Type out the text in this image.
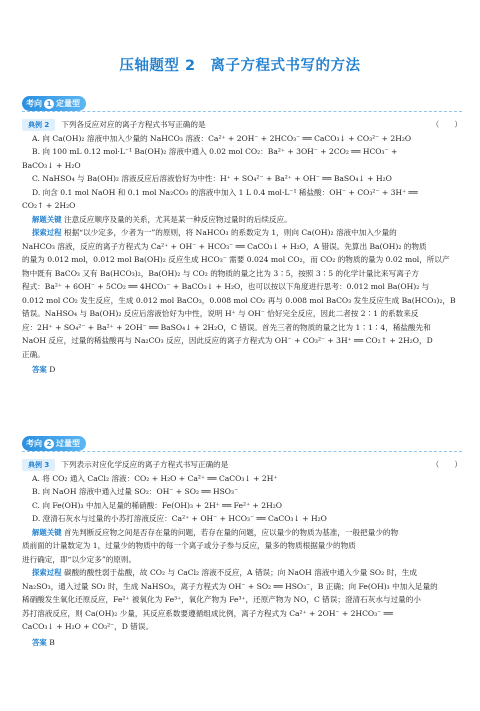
压轴题型 2　离子方程式书写的方法
考向 1 定量型
典例 2	下列各反应对应的离子方程式书写正确的是	（　　）
A. 向 Ca(OH)₂ 溶液中加入少量的 NaHCO₃ 溶液：Ca²⁺ + 2OH⁻ + 2HCO₃⁻ ══ CaCO₃↓ + CO₃²⁻ + 2H₂O
B. 向 100 mL 0.12 mol·L⁻¹ Ba(OH)₂ 溶液中通入 0.02 mol CO₂：Ba²⁺ + 3OH⁻ + 2CO₂ ══ HCO₃⁻ +
BaCO₃↓ + H₂O
C. NaHSO₄ 与 Ba(OH)₂ 溶液反应后溶液恰好为中性：H⁺ + SO₄²⁻ + Ba²⁺ + OH⁻ ══ BaSO₄↓ + H₂O
D. 向含 0.1 mol NaOH 和 0.1 mol Na₂CO₃ 的溶液中加入 1 L 0.4 mol·L⁻¹ 稀盐酸：OH⁻ + CO₃²⁻ + 3H⁺ ══
CO₂↑ + 2H₂O
解题关键 注意反应顺序及量的关系，尤其是某一种反应物过量时的后续反应。
探索过程 根据“以少定多，少者为一”的原则，将 NaHCO₃ 的系数定为 1，则向 Ca(OH)₂ 溶液中加入少量的
NaHCO₃ 溶液，反应的离子方程式为 Ca²⁺ + OH⁻ + HCO₃⁻ ══ CaCO₃↓ + H₂O，A 错误。先算出 Ba(OH)₂ 的物质
的量为 0.012 mol，0.012 mol Ba(OH)₂ 反应生成 HCO₃⁻ 需要 0.024 mol CO₂，而 CO₂ 的物质的量为 0.02 mol，所以产
物中既有 BaCO₃ 又有 Ba(HCO₃)₂，Ba(OH)₂ 与 CO₂ 的物质的量之比为 3∶5，按照 3∶5 的化学计量比来写离子方
程式：Ba²⁺ + 6OH⁻ + 5CO₂ ══ 4HCO₃⁻ + BaCO₃↓ + H₂O，也可以按以下角度进行思考：0.012 mol Ba(OH)₂ 与
0.012 mol CO₂ 发生反应，生成 0.012 mol BaCO₃，0.008 mol CO₂ 再与 0.008 mol BaCO₃ 发生反应生成 Ba(HCO₃)₂，B
错误。NaHSO₄ 与 Ba(OH)₂ 反应后溶液恰好为中性，说明 H⁺ 与 OH⁻ 恰好完全反应，因此二者按 2∶1 的系数来反
应：2H⁺ + SO₄²⁻ + Ba²⁺ + 2OH⁻ ══ BaSO₄↓ + 2H₂O，C 错误。首先三者的物质的量之比为 1∶1∶4，稀盐酸先和
NaOH 反应，过量的稀盐酸再与 Na₂CO₃ 反应，因此反应的离子方程式为 OH⁻ + CO₃²⁻ + 3H⁺ ══ CO₂↑ + 2H₂O，D
正确。
答案 D
考向 2 过量型
典例 3	下列表示对应化学反应的离子方程式书写正确的是	（　　）
A. 将 CO₂ 通入 CaCl₂ 溶液：CO₂ + H₂O + Ca²⁺ ══ CaCO₃↓ + 2H⁺
B. 向 NaOH 溶液中通入过量 SO₂：OH⁻ + SO₂ ══ HSO₃⁻
C. 向 Fe(OH)₃ 中加入足量的稀硝酸：Fe(OH)₃ + 2H⁺ ══ Fe²⁺ + 2H₂O
D. 澄清石灰水与过量的小苏打溶液反应：Ca²⁺ + OH⁻ + HCO₃⁻ ══ CaCO₃↓ + H₂O
解题关键 首先判断反应物之间是否存在量的问题，若存在量的问题，应以量少的物质为基准，一般把量少的物
质前面的计量数定为 1，过量少的物质中的每一个离子或分子参与反应，量多的物质根据量少的物质
进行确定，即“以少定多”的原则。
探索过程 碳酸的酸性弱于盐酸，故 CO₂ 与 CaCl₂ 溶液不反应，A 错误；向 NaOH 溶液中通入少量 SO₂ 时，生成
Na₂SO₃，通入过量 SO₂ 时，生成 NaHSO₃，离子方程式为 OH⁻ + SO₂ ══ HSO₃⁻，B 正确；向 Fe(OH)₃ 中加入足量的
稀硝酸发生氧化还原反应，Fe²⁺ 被氧化为 Fe³⁺，氧化产物为 Fe³⁺，还原产物为 NO，C 错误；澄清石灰水与过量的小
苏打溶液反应，则 Ca(OH)₂ 少量，其反应系数要遵循组成比例，离子方程式为 Ca²⁺ + 2OH⁻ + 2HCO₃⁻ ══
CaCO₃↓ + H₂O + CO₃²⁻，D 错误。
答案 B
